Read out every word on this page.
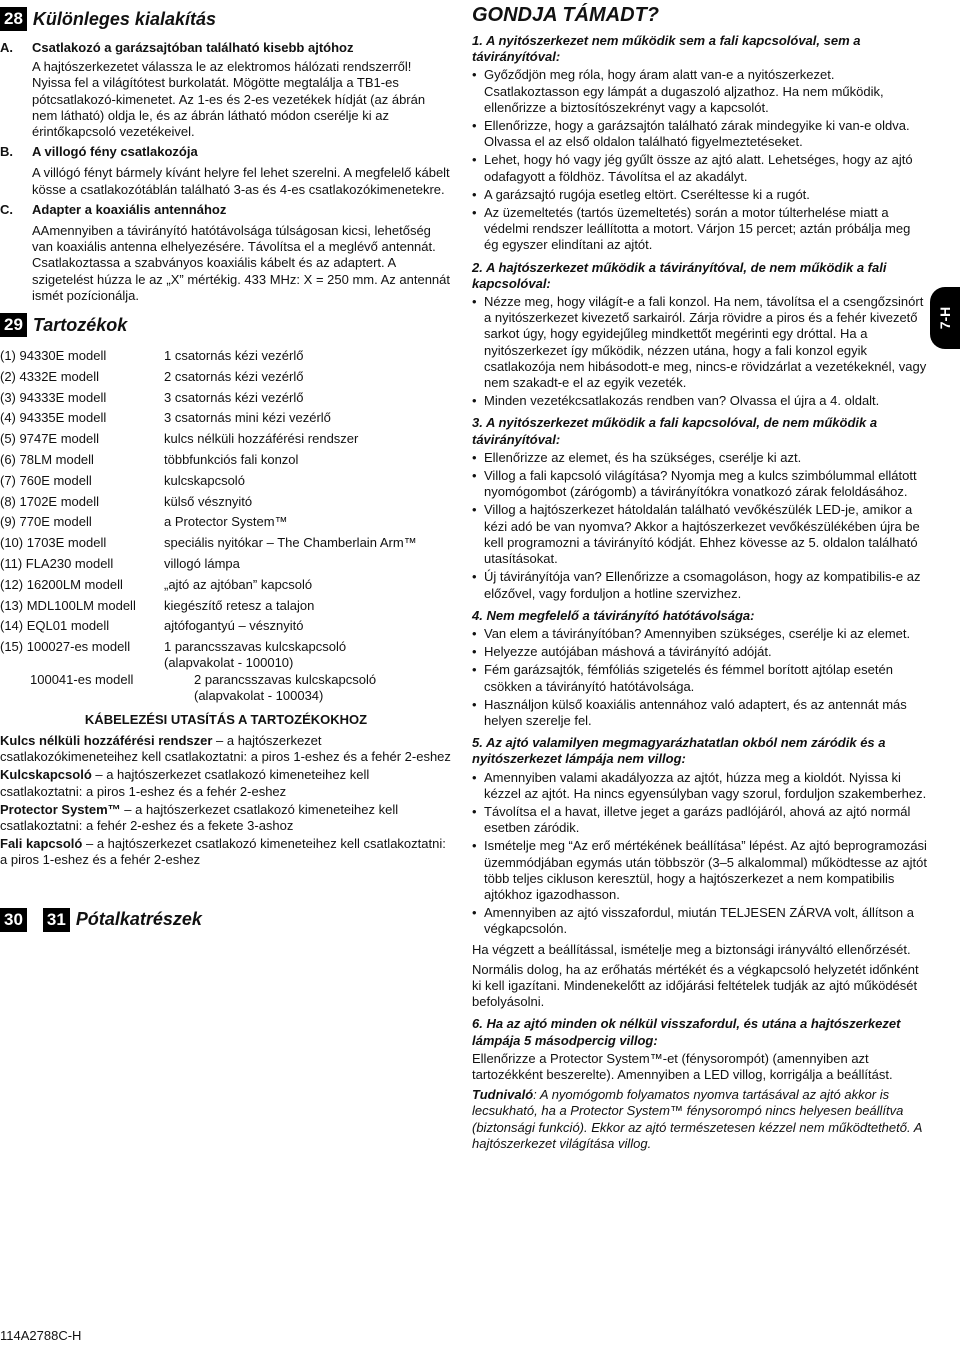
28 Különleges kialakítás
A.	Csatlakozó a garázsajtóban található kisebb ajtóhoz

A hajtószerkezetet válassza le az elektromos hálózati rendszerről!

Nyissa fel a világítótest burkolatát. Mögötte megtalálja a TB1-es pótcsatlakozó-kimenetet. Az 1-es és 2-es vezetékek hídját (az ábrán nem látható) oldja le, és az ábrán látható módon cserélje ki az érintőkapcsoló vezetékeivel.

B.	A villogó fény csatlakozója

A villógó fényt bármely kívánt helyre fel lehet szerelni. A megfelelő kábelt kösse a csatlakozótáblán található 3-as és 4-es csatlakozókimenetekre.

C.	Adapter a koaxiális antennához

AAmennyiben a távirányító hatótávolsága túlságosan kicsi, lehetőség van koaxiális antenna elhelyezésére. Távolítsa el a meglévő antennát. Csatlakoztassa a szabványos koaxiális kábelt és az adaptert. A szigetelést húzza le az „X” mértékig. 433 MHz: X = 250 mm. Az antennát ismét pozícionálja.

29 Tartozékok
(1) 94330E modell	1 csatornás kézi vezérlő
(2) 4332E modell	2 csatornás kézi vezérlő
(3) 94333E modell	3 csatornás kézi vezérlő
(4) 94335E modell	3 csatornás mini kézi vezérlő
(5) 9747E modell	kulcs nélküli hozzáférési rendszer
(6) 78LM modell	többfunkciós fali konzol
(7) 760E modell	kulcskapcsoló
(8) 1702E modell	külső vésznyitó
(9) 770E modell	a Protector System™
(10) 1703E modell	speciális nyitókar – The Chamberlain Arm™
(11) FLA230 modell	villogó lámpa
(12) 16200LM modell	„ajtó az ajtóban” kapcsoló
(13) MDL100LM modell	kiegészítő retesz a talajon
(14) EQL01 modell	ajtófogantyú – vésznyitó
(15) 100027-es modell	1 parancsszavas kulcskapcsoló
(alapvakolat - 100010)
100041-es modell	2 parancsszavas kulcskapcsoló
(alapvakolat - 100034)
KÁBELEZÉSI UTASÍTÁS A TARTOZÉKOKHOZ

Kulcs nélküli hozzáférési rendszer – a hajtószerkezet csatlakozókimeneteihez kell csatlakoztatni: a piros 1-eshez és a fehér 2-eshez

Kulcskapcsoló – a hajtószerkezet csatlakozó kimeneteihez kell csatlakoztatni: a piros 1-eshez és a fehér 2-eshez

Protector System™ – a hajtószerkezet csatlakozó kimeneteihez kell csatlakoztatni: a fehér 2-eshez és a fekete 3-ashoz

Fali kapcsoló – a hajtószerkezet csatlakozó kimeneteihez kell csatlakoztatni: a piros 1-eshez és a fehér 2-eshez

30 31 Pótalkatrészek
114A2788C-H
GONDJA TÁMADT?
1. A nyitószerkezet nem működik sem a fali kapcsolóval, sem a távirányítóval:
• Győződjön meg róla, hogy áram alatt van-e a nyitószerkezet. Csatlakoztasson egy lámpát a dugaszoló aljzathoz. Ha nem működik, ellenőrizze a biztosítószekrényt vagy a kapcsolót.
• Ellenőrizze, hogy a garázsajtón található zárak mindegyike ki van-e oldva. Olvassa el az első oldalon található figyelmeztetéseket.
• Lehet, hogy hó vagy jég gyűlt össze az ajtó alatt. Lehetséges, hogy az ajtó odafagyott a földhöz. Távolítsa el az akadályt.
• A garázsajtó rugója esetleg eltört. Cseréltesse ki a rugót.
• Az üzemeltetés (tartós üzemeltetés) során a motor túlterhelése miatt a védelmi rendszer leállította a motort. Várjon 15 percet; aztán próbálja meg ég egyszer elindítani az ajtót.
2. A hajtószerkezet működik a távirányítóval, de nem működik a fali kapcsolóval:
• Nézze meg, hogy világít-e a fali konzol. Ha nem, távolítsa el a csengőzsinórt a nyitószerkezet kivezető sarkairól. Zárja rövidre a piros és a fehér kivezető sarkot úgy, hogy egyidejűleg mindkettőt megérinti egy dróttal. Ha a nyitószerkezet így működik, nézzen utána, hogy a fali konzol egyik csatlakozója nem hibásodott-e meg, nincs-e rövidzárlat a vezetékeknél, vagy nem szakadt-e el az egyik vezeték.
• Minden vezetékcsatlakozás rendben van? Olvassa el újra a 4. oldalt.
3. A nyitószerkezet működik a fali kapcsolóval, de nem működik a távirányítóval:
• Ellenőrizze az elemet, és ha szükséges, cserélje ki azt.
• Villog a fali kapcsoló világítása? Nyomja meg a kulcs szimbólummal ellátott nyomógombot (zárógomb) a távirányítókra vonatkozó zárak feloldásához.
• Villog a hajtószerkezet hátoldalán található vevőkészülék LED-je, amikor a kézi adó be van nyomva? Akkor a hajtószerkezet vevőkészülékében újra be kell programozni a távirányító kódját. Ehhez kövesse az 5. oldalon található utasításokat.
• Új távirányítója van? Ellenőrizze a csomagoláson, hogy az kompatibilis-e az előzővel, vagy forduljon a hotline szervizhez.
4. Nem megfelelő a távirányító hatótávolsága:
• Van elem a távirányítóban? Amennyiben szükséges, cserélje ki az elemet.
• Helyezze autójában máshová a távirányító adóját.
• Fém garázsajtók, fémfóliás szigetelés és fémmel borított ajtólap esetén csökken a távirányító hatótávolsága.
• Használjon külső koaxiális antennához való adaptert, és az antennát más helyen szerelje fel.
5. Az ajtó valamilyen megmagyarázhatatlan okból nem záródik és a nyitószerkezet lámpája nem villog:
• Amennyiben valami akadályozza az ajtót, húzza meg a kioldót. Nyissa ki kézzel az ajtót. Ha nincs egyensúlyban vagy szorul, forduljon szakemberhez.
• Távolítsa el a havat, illetve jeget a garázs padlójáról, ahová az ajtó normál esetben záródik.
• Ismételje meg “Az erő mértékének beállítása” lépést. Az ajtó beprogramozási üzemmódjában egymás után többször (3–5 alkalommal) működtesse az ajtót több teljes cikluson keresztül, hogy a hajtószerkezet a nem kompatibilis ajtókhoz igazodhasson.
• Amennyiben az ajtó visszafordul, miután TELJESEN ZÁRVA volt, állítson a végkapcsolón.

Ha végzett a beállítással, ismételje meg a biztonsági irányváltó ellenőrzését.

Normális dolog, ha az erőhatás mértékét és a végkapcsoló helyzetét időnként ki kell igazítani. Mindenekelőtt az időjárási feltételek tudják az ajtó működését befolyásolni.

6. Ha az ajtó minden ok nélkül visszafordul, és utána a hajtószerkezet lámpája 5 másodpercig villog:

Ellenőrizze a Protector System™-et (fénysorompót) (amennyiben azt tartozékként beszerelte). Amennyiben a LED villog, korrigálja a beállítást.

Tudnivaló: A nyomógomb folyamatos nyomva tartásával az ajtó akkor is lecsukható, ha a Protector System™ fénysorompó nincs helyesen beállítva (biztonsági funkció). Ekkor az ajtó természetesen kézzel nem működtethető. A hajtószerkezet világítása villog.

7-H
